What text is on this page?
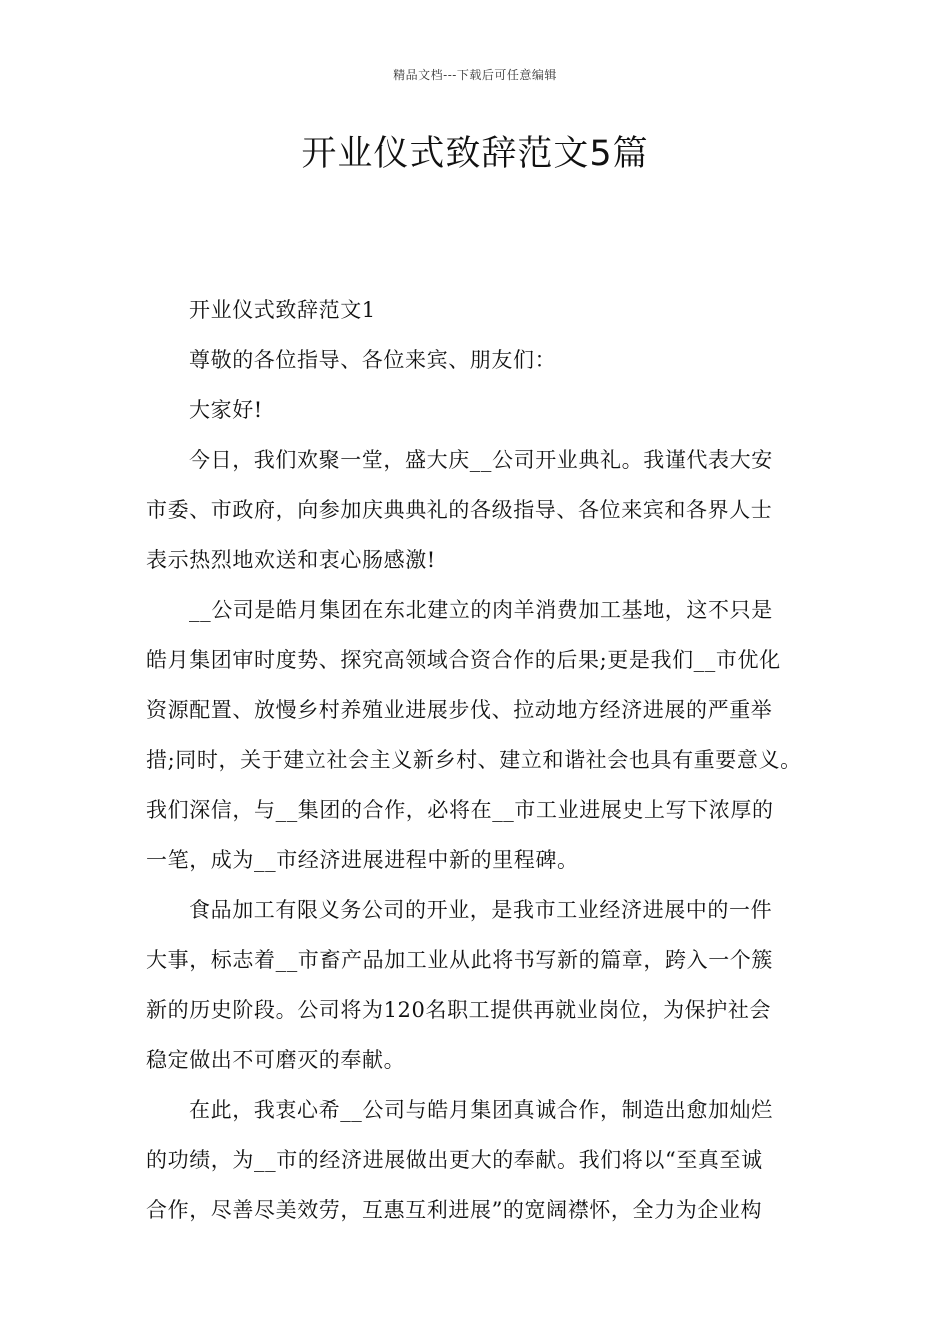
精品文档---下载后可任意编辑
开业仪式致辞范文5篇

开业仪式致辞范文1

尊敬的各位指导、各位来宾、朋友们：

大家好!

今日，我们欢聚一堂，盛大庆__公司开业典礼。我谨代表大安

市委、市政府，向参加庆典典礼的各级指导、各位来宾和各界人士

表示热烈地欢送和衷心肠感激!

__公司是皓月集团在东北建立的肉羊消费加工基地，这不只是

皓月集团审时度势、探究高领域合资合作的后果;更是我们__市优化

资源配置、放慢乡村养殖业进展步伐、拉动地方经济进展的严重举

措;同时，关于建立社会主义新乡村、建立和谐社会也具有重要意义。

我们深信，与__集团的合作，必将在__市工业进展史上写下浓厚的

一笔，成为__市经济进展进程中新的里程碑。

食品加工有限义务公司的开业，是我市工业经济进展中的一件

大事，标志着__市畜产品加工业从此将书写新的篇章，跨入一个簇

新的历史阶段。公司将为120名职工提供再就业岗位，为保护社会

稳定做出不可磨灭的奉献。

在此，我衷心希__公司与皓月集团真诚合作，制造出愈加灿烂

的功绩，为__市的经济进展做出更大的奉献。我们将以“至真至诚

合作，尽善尽美效劳，互惠互利进展”的宽阔襟怀，全力为企业构
